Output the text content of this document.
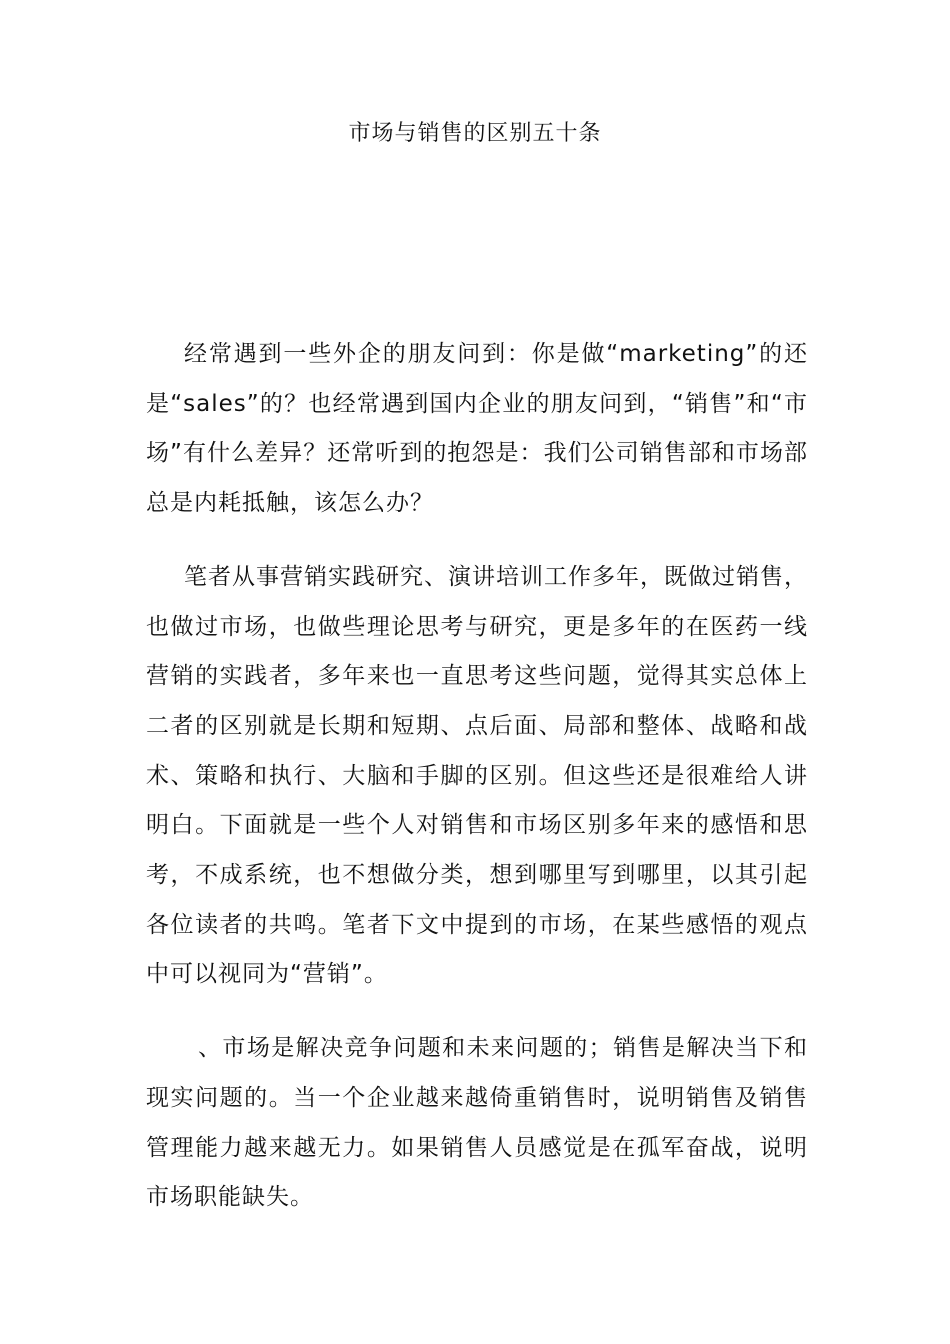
市场与销售的区别五十条

经常遇到一些外企的朋友问到：你是做“marketing”的还是“sales”的？也经常遇到国内企业的朋友问到，“销售”和“市场”有什么差异？还常听到的抱怨是：我们公司销售部和市场部总是内耗抵触，该怎么办？

笔者从事营销实践研究、演讲培训工作多年，既做过销售，也做过市场，也做些理论思考与研究，更是多年的在医药一线营销的实践者，多年来也一直思考这些问题，觉得其实总体上二者的区别就是长期和短期、点后面、局部和整体、战略和战术、策略和执行、大脑和手脚的区别。但这些还是很难给人讲明白。下面就是一些个人对销售和市场区别多年来的感悟和思考，不成系统，也不想做分类，想到哪里写到哪里，以其引起各位读者的共鸣。笔者下文中提到的市场，在某些感悟的观点中可以视同为“营销”。

、市场是解决竞争问题和未来问题的；销售是解决当下和现实问题的。当一个企业越来越倚重销售时，说明销售及销售管理能力越来越无力。如果销售人员感觉是在孤军奋战，说明市场职能缺失。
